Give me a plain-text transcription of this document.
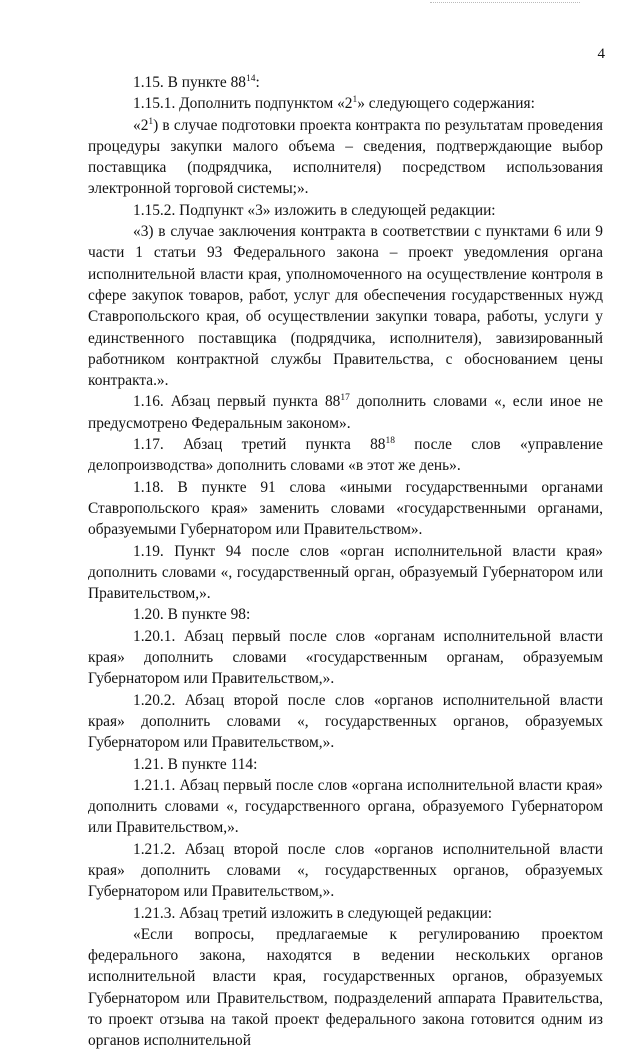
4

1.15. В пункте $88^{14}$:

1.15.1. Дополнить подпунктом «$2^1$» следующего содержания:

«$2^1$) в случае подготовки проекта контракта по результатам проведения процедуры закупки малого объема – сведения, подтверждающие выбор поставщика (подрядчика, исполнителя) посредством использования электронной торговой системы;».

1.15.2. Подпункт «3» изложить в следующей редакции:

«3) в случае заключения контракта в соответствии с пунктами 6 или 9 части 1 статьи 93 Федерального закона – проект уведомления органа исполнительной власти края, уполномоченного на осуществление контроля в сфере закупок товаров, работ, услуг для обеспечения государственных нужд Ставропольского края, об осуществлении закупки товара, работы, услуги у единственного поставщика (подрядчика, исполнителя), завизированный работником контрактной службы Правительства, с обоснованием цены контракта.».

1.16. Абзац первый пункта $88^{17}$ дополнить словами «, если иное не предусмотрено Федеральным законом».

1.17. Абзац третий пункта $88^{18}$ после слов «управление делопроизводства» дополнить словами «в этот же день».

1.18. В пункте 91 слова «иными государственными органами Ставропольского края» заменить словами «государственными органами, образуемыми Губернатором или Правительством».

1.19. Пункт 94 после слов «орган исполнительной власти края» дополнить словами «, государственный орган, образуемый Губернатором или Правительством,».

1.20. В пункте 98:

1.20.1. Абзац первый после слов «органам исполнительной власти края» дополнить словами «государственным органам, образуемым Губернатором или Правительством,».

1.20.2. Абзац второй после слов «органов исполнительной власти края» дополнить словами «, государственных органов, образуемых Губернатором или Правительством,».

1.21. В пункте 114:

1.21.1. Абзац первый после слов «органа исполнительной власти края» дополнить словами «, государственного органа, образуемого Губернатором или Правительством,».

1.21.2. Абзац второй после слов «органов исполнительной власти края» дополнить словами «, государственных органов, образуемых Губернатором или Правительством,».

1.21.3. Абзац третий изложить в следующей редакции:

«Если вопросы, предлагаемые к регулированию проектом федерального закона, находятся в ведении нескольких органов исполнительной власти края, государственных органов, образуемых Губернатором или Правительством, подразделений аппарата Правительства, то проект отзыва на такой проект федерального закона готовится одним из органов исполнительной
